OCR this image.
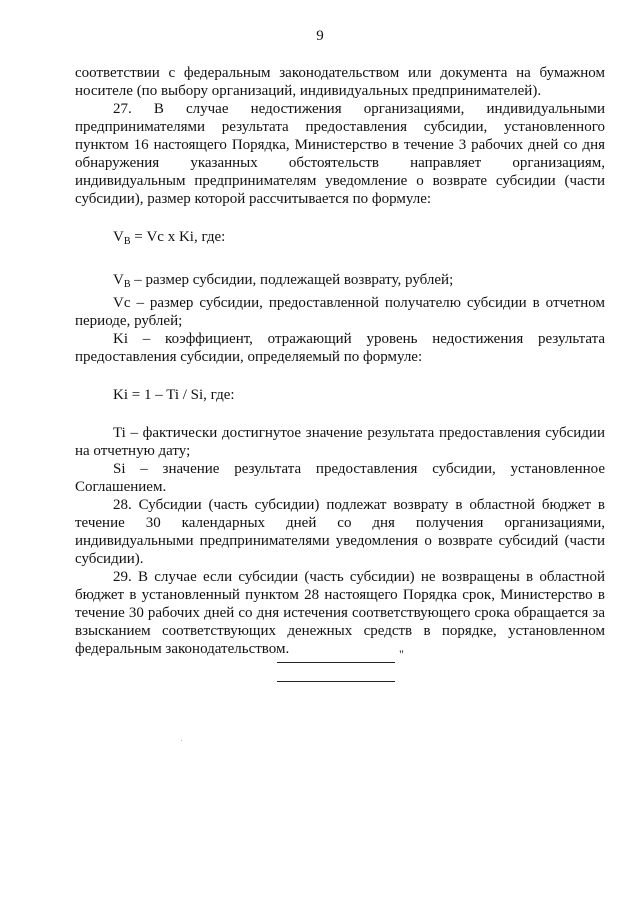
9

соответствии с федеральным законодательством или документа на бумажном носителе (по выбору организаций, индивидуальных предпринимателей).

27. В случае недостижения организациями, индивидуальными предпринимателями результата предоставления субсидии, установленного пунктом 16 настоящего Порядка, Министерство в течение 3 рабочих дней со дня обнаружения указанных обстоятельств направляет организациям, индивидуальным предпринимателям уведомление о возврате субсидии (части субсидии), размер которой рассчитывается по формуле:

$V_В = Vc$ x Ki, где:

$V_В$ – размер субсидии, подлежащей возврату, рублей;

Vc – размер субсидии, предоставленной получателю субсидии в отчетном периоде, рублей;

Ki – коэффициент, отражающий уровень недостижения результата предоставления субсидии, определяемый по формуле:

Ki = 1 – Ti / Si, где:

Ti – фактически достигнутое значение результата предоставления субсидии на отчетную дату;

Si – значение результата предоставления субсидии, установленное Соглашением.

28. Субсидии (часть субсидии) подлежат возврату в областной бюджет в течение 30 календарных дней со дня получения организациями, индивидуальными предпринимателями уведомления о возврате субсидий (части субсидии).

29. В случае если субсидии (часть субсидии) не возвращены в областной бюджет в установленный пунктом 28 настоящего Порядка срок, Министерство в течение 30 рабочих дней со дня истечения соответствующего срока обращается за взысканием соответствующих денежных средств в порядке, установленном федеральным законодательством.	"
